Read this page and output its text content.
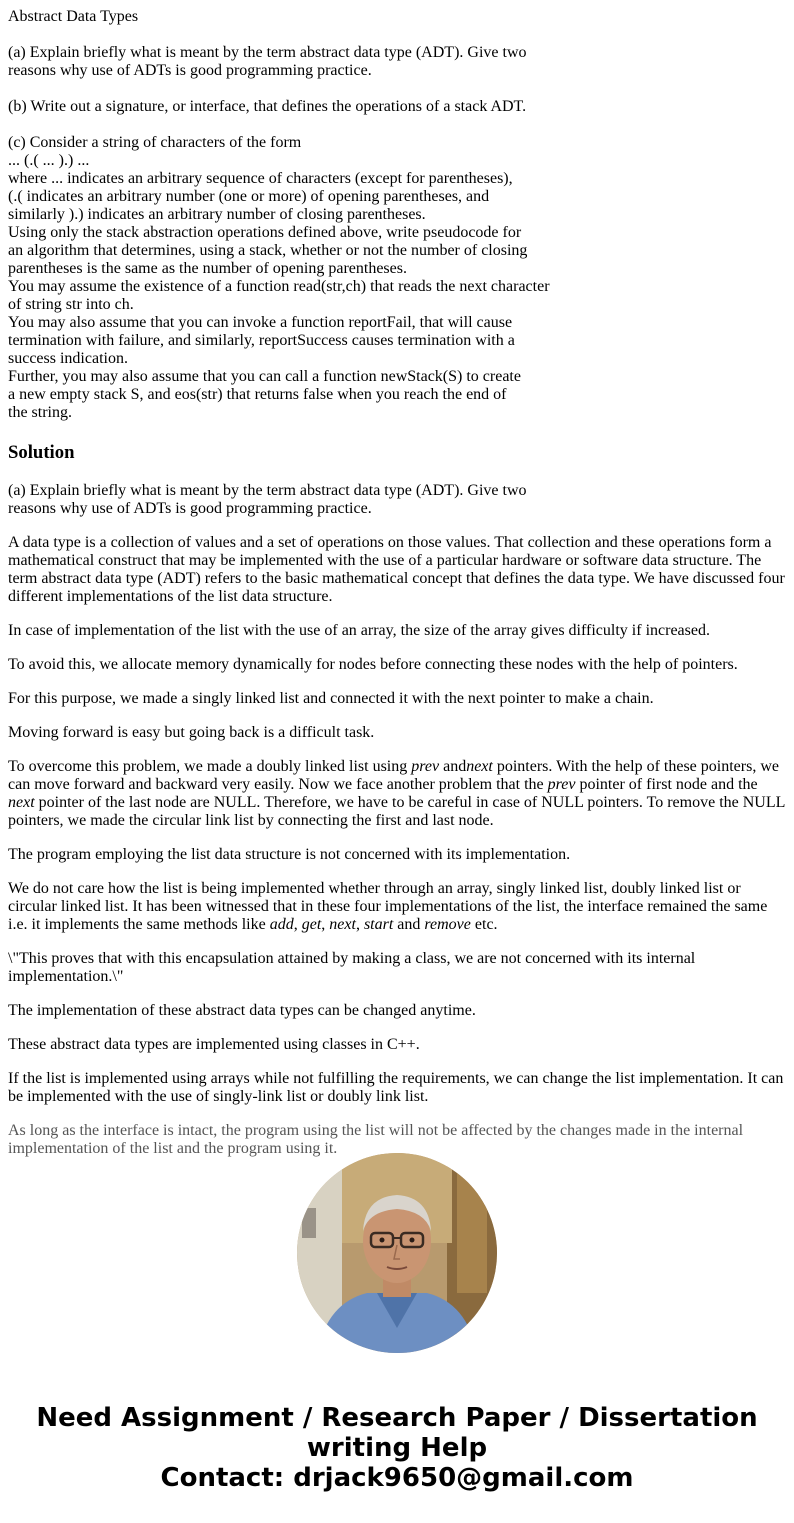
Abstract Data Types
(a) Explain briefly what is meant by the term abstract data type (ADT). Give two
reasons why use of ADTs is good programming practice.
(b) Write out a signature, or interface, that defines the operations of a stack ADT.
(c) Consider a string of characters of the form
... (.( ... ).) ...
where ... indicates an arbitrary sequence of characters (except for parentheses),
(.( indicates an arbitrary number (one or more) of opening parentheses, and
similarly ).) indicates an arbitrary number of closing parentheses.
Using only the stack abstraction operations defined above, write pseudocode for
an algorithm that determines, using a stack, whether or not the number of closing
parentheses is the same as the number of opening parentheses.
You may assume the existence of a function read(str,ch) that reads the next character
of string str into ch.
You may also assume that you can invoke a function reportFail, that will cause
termination with failure, and similarly, reportSuccess causes termination with a
success indication.
Further, you may also assume that you can call a function newStack(S) to create
a new empty stack S, and eos(str) that returns false when you reach the end of
the string.
Solution

(a) Explain briefly what is meant by the term abstract data type (ADT). Give two
reasons why use of ADTs is good programming practice.

A data type is a collection of values and a set of operations on those values. That collection and these operations form a mathematical construct that may be implemented with the use of a particular hardware or software data structure. The term abstract data type (ADT) refers to the basic mathematical concept that defines the data type. We have discussed four different implementations of the list data structure.

In case of implementation of the list with the use of an array, the size of the array gives difficulty if increased.

To avoid this, we allocate memory dynamically for nodes before connecting these nodes with the help of pointers.

For this purpose, we made a singly linked list and connected it with the next pointer to make a chain.

Moving forward is easy but going back is a difficult task.

To overcome this problem, we made a doubly linked list using prev andnext pointers. With the help of these pointers, we can move forward and backward very easily. Now we face another problem that the prev pointer of first node and the next pointer of the last node are NULL. Therefore, we have to be careful in case of NULL pointers. To remove the NULL pointers, we made the circular link list by connecting the first and last node.

The program employing the list data structure is not concerned with its implementation.

We do not care how the list is being implemented whether through an array, singly linked list, doubly linked list or circular linked list. It has been witnessed that in these four implementations of the list, the interface remained the same i.e. it implements the same methods like add, get, next, start and remove etc.

\"This proves that with this encapsulation attained by making a class, we are not concerned with its internal implementation.\"

The implementation of these abstract data types can be changed anytime.

These abstract data types are implemented using classes in C++.

If the list is implemented using arrays while not fulfilling the requirements, we can change the list implementation. It can be implemented with the use of singly-link list or doubly link list.

As long as the interface is intact, the program using the list will not be affected by the changes made in the internal implementation of the list and the program using it.

Need Assignment / Research Paper / Dissertation
writing Help
Contact: drjack9650@gmail.com
